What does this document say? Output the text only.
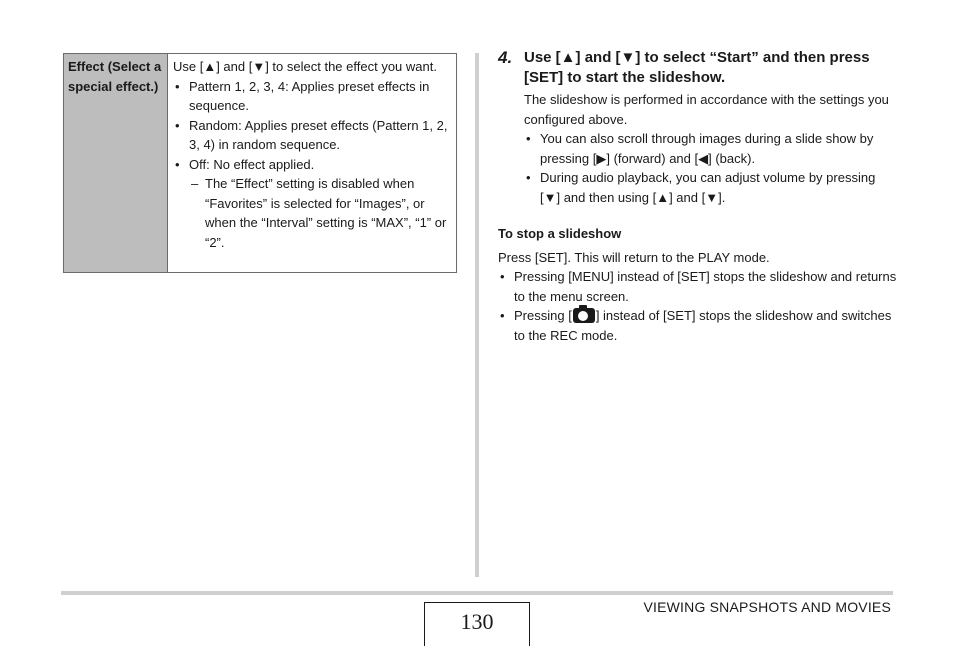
Effect (Select a special effect.)
Use [▲] and [▼] to select the effect you want.
• Pattern 1, 2, 3, 4: Applies preset effects in sequence.
• Random: Applies preset effects (Pattern 1, 2, 3, 4) in random sequence.
• Off: No effect applied.
– The “Effect” setting is disabled when “Favorites” is selected for “Images”, or when the “Interval” setting is “MAX”, “1” or “2”.
4. Use [▲] and [▼] to select “Start” and then press [SET] to start the slideshow.
The slideshow is performed in accordance with the settings you configured above.
• You can also scroll through images during a slide show by pressing [▶] (forward) and [◀] (back).
• During audio playback, you can adjust volume by pressing [▼] and then using [▲] and [▼].
To stop a slideshow
Press [SET]. This will return to the PLAY mode.
• Pressing [MENU] instead of [SET] stops the slideshow and returns to the menu screen.
• Pressing [ ] instead of [SET] stops the slideshow and switches to the REC mode.
130
VIEWING SNAPSHOTS AND MOVIES
